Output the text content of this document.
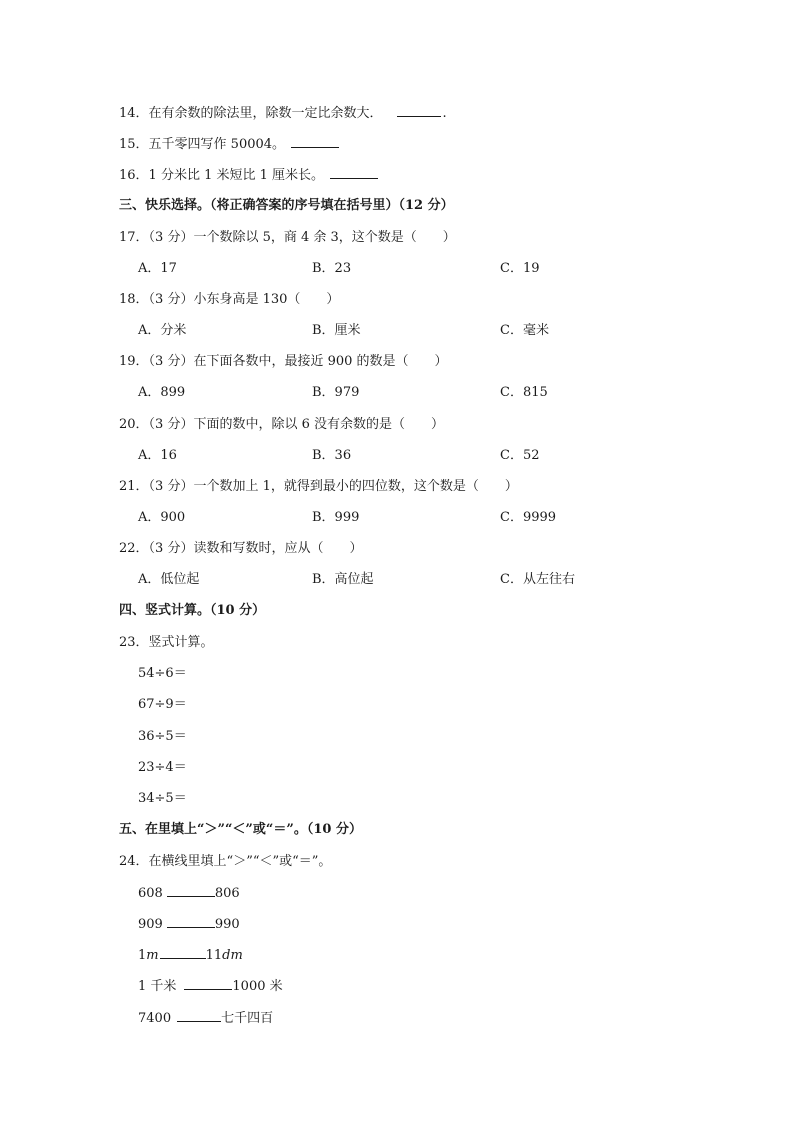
14．在有余数的除法里，除数一定比余数大．	.
15．五千零四写作 50004。
16．1 分米比 1 米短比 1 厘米长。
三、快乐选择。（将正确答案的序号填在括号里）（12 分）
17．（3 分）一个数除以 5，商 4 余 3，这个数是（　　）
A．17	B．23	C．19
18．（3 分）小东身高是 130（　　）
A．分米	B．厘米	C．毫米
19．（3 分）在下面各数中，最接近 900 的数是（　　）
A．899	B．979	C．815
20．（3 分）下面的数中，除以 6 没有余数的是（　　）
A．16	B．36	C．52
21．（3 分）一个数加上 1，就得到最小的四位数，这个数是（　　）
A．900	B．999	C．9999
22．（3 分）读数和写数时，应从（　　）
A．低位起	B．高位起	C．从左往右
四、竖式计算。（10 分）
23．竖式计算。
54÷6＝
67÷9＝
36÷5＝
23÷4＝
34÷5＝
五、在里填上“＞”“＜”或“＝”。（10 分）
24．在横线里填上“＞”“＜”或“＝”。
608	806
909	990
1m	11dm
1 千米	1000 米
7400	七千四百
